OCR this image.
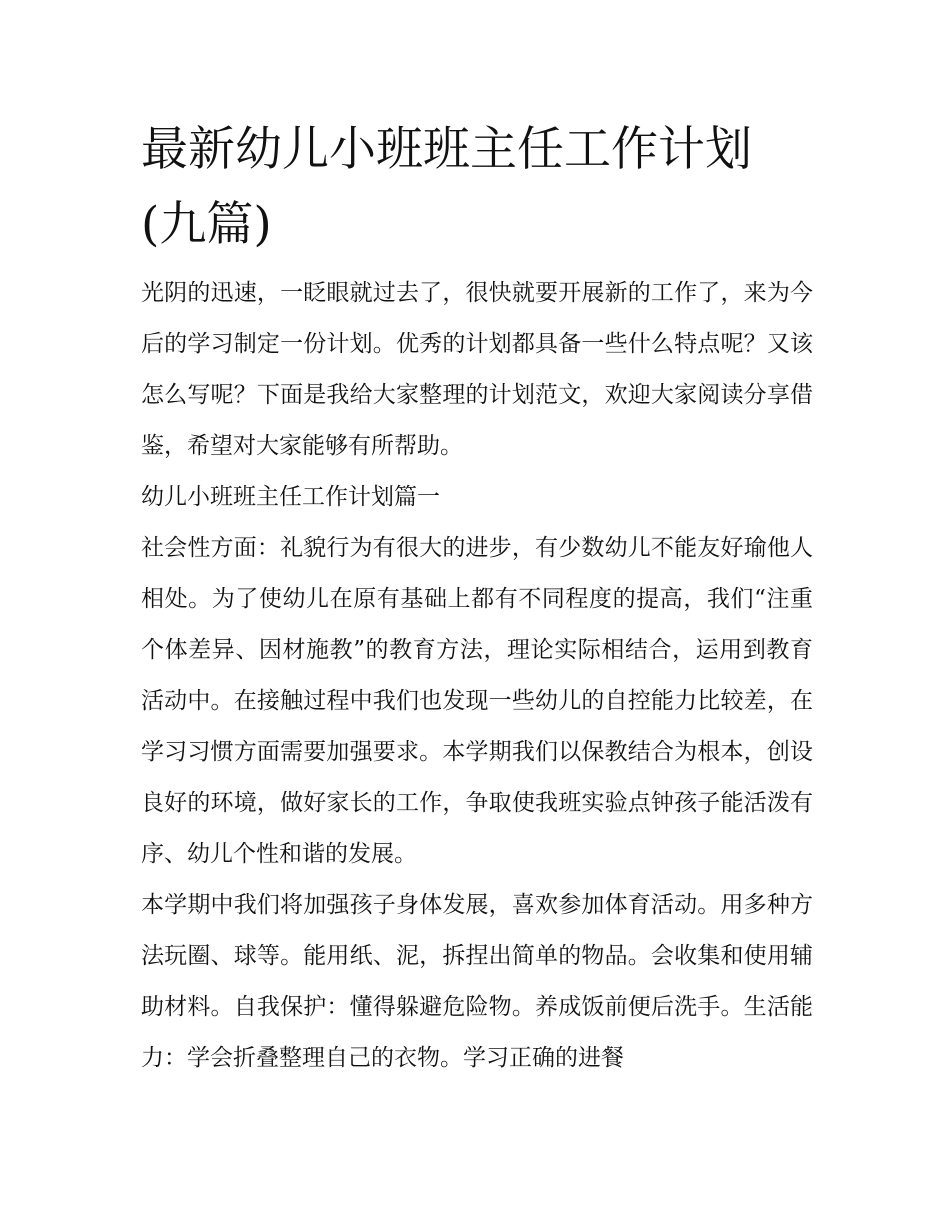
最新幼儿小班班主任工作计划(九篇)

光阴的迅速，一眨眼就过去了，很快就要开展新的工作了，来为今后的学习制定一份计划。优秀的计划都具备一些什么特点呢？又该怎么写呢？下面是我给大家整理的计划范文，欢迎大家阅读分享借鉴，希望对大家能够有所帮助。

幼儿小班班主任工作计划篇一

社会性方面：礼貌行为有很大的进步，有少数幼儿不能友好瑜他人相处。为了使幼儿在原有基础上都有不同程度的提高，我们“注重个体差异、因材施教”的教育方法，理论实际相结合，运用到教育活动中。在接触过程中我们也发现一些幼儿的自控能力比较差，在学习习惯方面需要加强要求。本学期我们以保教结合为根本，创设良好的环境，做好家长的工作，争取使我班实验点钟孩子能活泼有序、幼儿个性和谐的发展。

本学期中我们将加强孩子身体发展，喜欢参加体育活动。用多种方法玩圈、球等。能用纸、泥，拆捏出简单的物品。会收集和使用辅助材料。自我保护：懂得躲避危险物。养成饭前便后洗手。生活能力：学会折叠整理自己的衣物。学习正确的进餐
